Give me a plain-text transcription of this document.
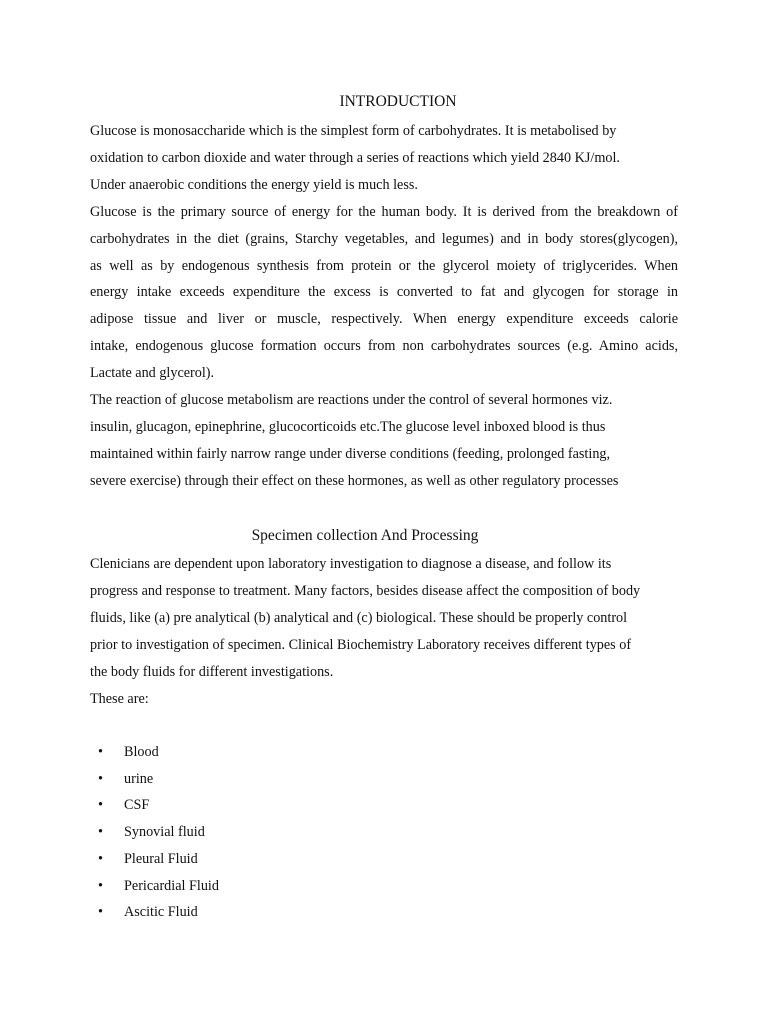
INTRODUCTION

Glucose is monosaccharide which is the simplest form of carbohydrates. It is metabolised by
oxidation to carbon dioxide and water through a series of reactions which yield 2840 KJ/mol.
Under anaerobic conditions the energy yield is much less.

Glucose is the primary source of energy for the human body. It is derived from the breakdown of
carbohydrates in the diet (grains, Starchy vegetables, and legumes) and in body stores(glycogen),
as well as by endogenous synthesis from protein or the glycerol moiety of triglycerides. When
energy intake exceeds expenditure the excess is converted to fat and glycogen for storage in
adipose tissue and liver or muscle, respectively. When energy expenditure exceeds calorie
intake, endogenous glucose formation occurs from non carbohydrates sources (e.g. Amino acids,
Lactate and glycerol).

The reaction of glucose metabolism are reactions under the control of several hormones viz.
insulin, glucagon, epinephrine, glucocorticoids etc.The glucose level inboxed blood is thus
maintained within fairly narrow range under diverse conditions (feeding, prolonged fasting,
severe exercise) through their effect on these hormones, as well as other regulatory processes

Specimen collection And Processing

Clenicians are dependent upon laboratory investigation to diagnose a disease, and follow its
progress and response to treatment. Many factors, besides disease affect the composition of body
fluids, like (a) pre analytical (b) analytical and (c) biological. These should be properly control
prior to investigation of specimen. Clinical Biochemistry Laboratory receives different types of
the body fluids for different investigations.
These are:

• Blood
• urine
• CSF
• Synovial fluid
• Pleural Fluid
• Pericardial Fluid
• Ascitic Fluid
